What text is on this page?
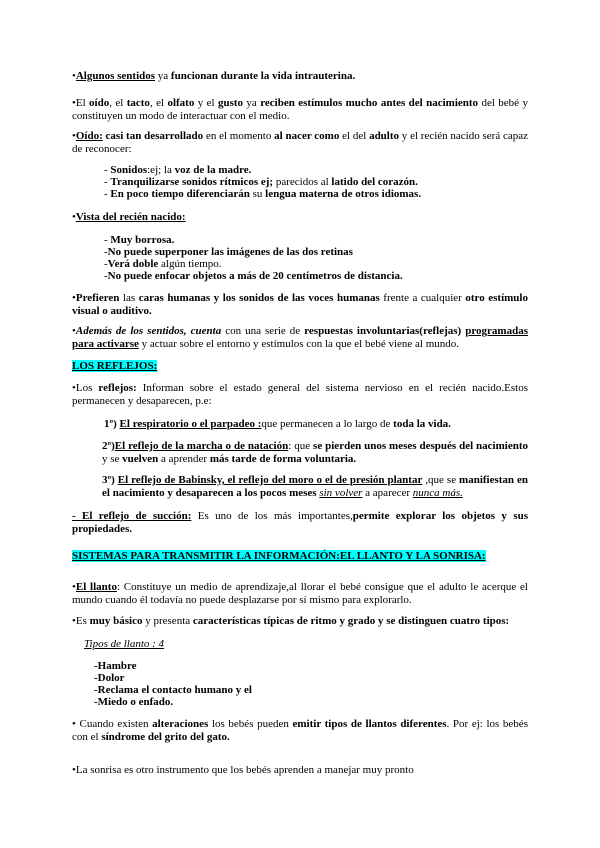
•Algunos sentidos ya funcionan durante la vida intrauterina.

•El oído, el tacto, el olfato y el gusto ya reciben estímulos mucho antes del nacimiento del bebé y constituyen un modo de interactuar con el medio.

•Oído: casi tan desarrollado en el momento al nacer como el del adulto y el recién nacido será capaz de reconocer:

- Sonidos:ej; la voz de la madre.

- Tranquilizarse sonidos rítmicos ej; parecidos al latido del corazón.

- En poco tiempo diferenciarán su lengua materna de otros idiomas.

•Vista del recién nacido:

- Muy borrosa.

-No puede superponer las imágenes de las dos retinas

-Verá doble algún tiempo.

-No puede enfocar objetos a más de 20 centímetros de distancia.

•Prefieren las caras humanas y los sonidos de las voces humanas frente a cualquier otro estímulo visual o auditivo.

•Además de los sentidos, cuenta con una serie de respuestas involuntarias(reflejas) programadas para activarse y actuar sobre el entorno y estímulos con la que el bebé viene al mundo.

LOS REFLEJOS:

•Los reflejos: Informan sobre el estado general del sistema nervioso en el recién nacido.Estos permanecen y desaparecen, p.e:

1º) El respiratorio o el parpadeo :que permanecen a lo largo de toda la vida.

2º)El reflejo de la marcha o de natación: que se pierden unos meses después del nacimiento y se vuelven a aprender más tarde de forma voluntaria.

3º) El reflejo de Babinsky, el reflejo del moro o el de presión plantar ,que se manifiestan en el nacimiento y desaparecen a los pocos meses sin volver a aparecer nunca más.

- El reflejo de succión: Es uno de los más importantes,permite explorar los objetos y sus propiedades.

SISTEMAS PARA TRANSMITIR LA INFORMACIÓN:EL LLANTO Y LA SONRISA:

•El llanto: Constituye un medio de aprendizaje,al llorar el bebé consigue que el adulto le acerque el mundo cuando él todavía no puede desplazarse por sí mismo para explorarlo.

•Es muy básico y presenta características típicas de ritmo y grado y se distinguen cuatro tipos:

Tipos de llanto : 4

-Hambre

-Dolor

-Reclama el contacto humano y el

-Miedo o enfado.

• Cuando existen alteraciones los bebés pueden emitir tipos de llantos diferentes. Por ej: los bebés con el síndrome del grito del gato.

•La sonrisa es otro instrumento que los bebés aprenden a manejar muy pronto
